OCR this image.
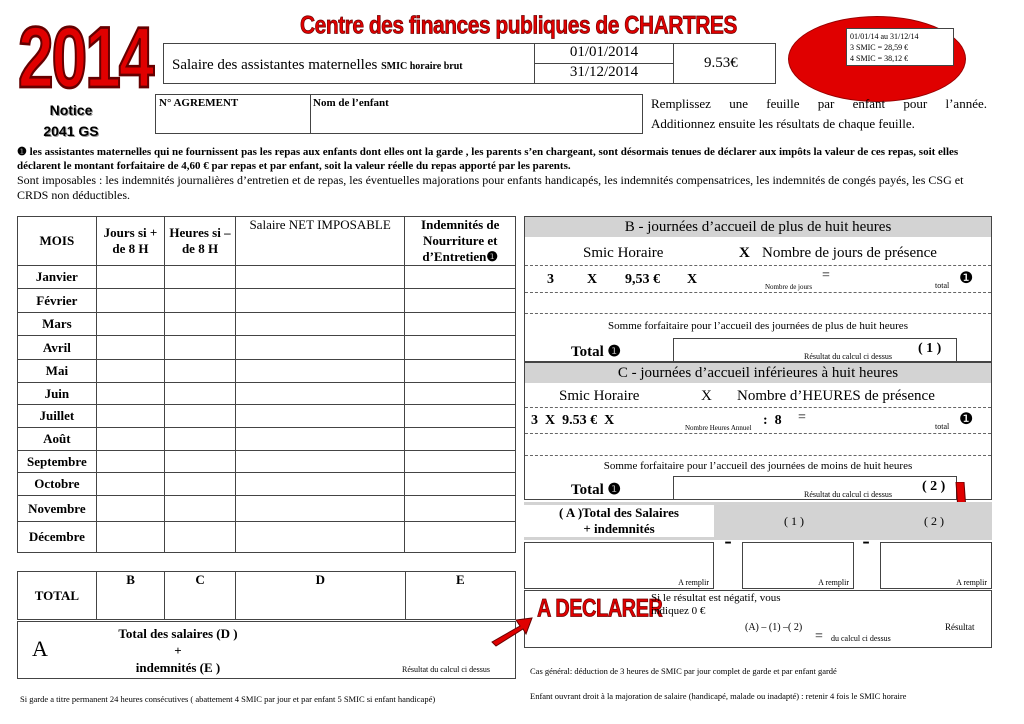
2014
Notice
2041 GS
Centre des finances publiques de CHARTRES
Salaire des assistantes maternelles SMIC horaire brut
01/01/2014
31/12/2014
9.53€
01/01/14 au 31/12/14
3 SMIC = 28,59 €
4 SMIC = 38,12 €
N° AGREMENT	Nom de l’enfant	Remplissez une feuille par enfant pour l’année.
Additionnez ensuite les résultats de chaque feuille.
❶ les assistantes maternelles qui ne fournissent pas les repas aux enfants dont elles ont la garde , les parents s’en chargeant, sont désormais tenues de déclarer aux impôts la valeur de ces repas, soit elles déclarent le montant forfaitaire de 4,60 € par repas et par enfant, soit la valeur réelle du repas apporté par les parents.
Sont imposables : les indemnités journalières d’entretien et de repas, les éventuelles majorations pour enfants handicapés, les indemnités compensatrices, les indemnités de congés payés, les CSG et CRDS non déductibles.
MOIS	Jours si + de 8 H	Heures si – de 8 H	Salaire NET IMPOSABLE	Indemnités de Nourriture et d’Entretien❶
Janvier				
Février				
Mars				
Avril				
Mai				
Juin				
Juillet				
Août				
Septembre				
Octobre				
Novembre				
Décembre				
TOTAL	B	C	D	E
A
Total des salaires (D )
+
indemnités (E )	Résultat du calcul ci dessus
B - journées d’accueil de plus de huit heures
Smic Horaire	X Nombre de jours de présence
3 X 9,53 € X	Nombre de jours
=
total ❶
Somme forfaitaire pour l’accueil des journées de plus de huit heures
Total ❶	Résultat du calcul ci dessus
( 1 )
C - journées d’accueil inférieures à huit heures
Smic Horaire	X Nombre d’HEURES de présence
3  X  9.53 €  X	Nombre Heures Annuel :  8 =
total ❶
Somme forfaitaire pour l’accueil des journées de moins de huit heures
Total ❶	Résultat du calcul ci dessus
( 2 )
( A )Total des Salaires
+ indemnités	( 1 )	( 2 )
A remplir
-
A remplir
-
A remplir
A DECLARER
Si le résultat est négatif, vous
indiquez 0 €
(A) – (1) –( 2)	Résultat
= du calcul ci dessus
Cas général: déduction de 3 heures de SMIC par jour complet de garde et par enfant gardé
Enfant ouvrant droit à la majoration de salaire (handicapé, malade ou inadapté) : retenir 4 fois le SMIC horaire
Si garde a titre permanent 24 heures consécutives ( abattement 4 SMIC par jour et par enfant 5 SMIC si enfant handicapé)
